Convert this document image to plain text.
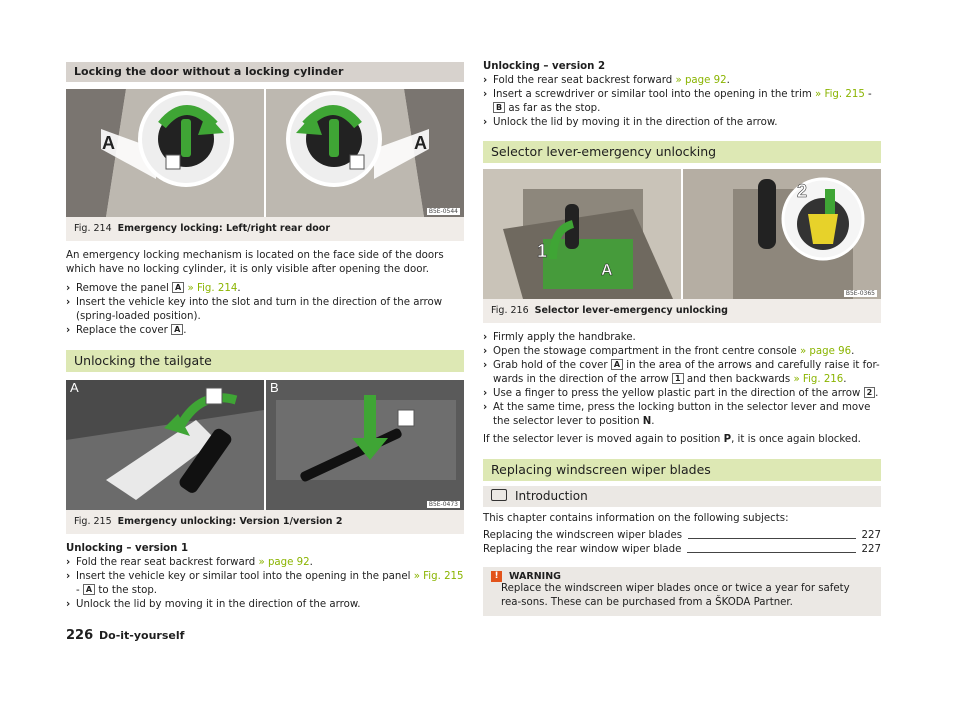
Locking the door without a locking cylinder
A	A
B5E-0544
Fig. 214 Emergency locking: Left/right rear door

An emergency locking mechanism is located on the face side of the doors which have no locking cylinder, it is only visible after opening the door.

› Remove the panel A » Fig. 214.
› Insert the vehicle key into the slot and turn in the direction of the arrow (spring-loaded position).
› Replace the cover A .
Unlocking the tailgate
A	B
B5E-0473
Fig. 215 Emergency unlocking: Version 1/version 2

Unlocking – version 1

› Fold the rear seat backrest forward » page 92.
› Insert the vehicle key or similar tool into the opening in the panel » Fig. 215 - A to the stop.
› Unlock the lid by moving it in the direction of the arrow.

Unlocking – version 2

› Fold the rear seat backrest forward » page 92.
› Insert a screwdriver or similar tool into the opening in the trim » Fig. 215 - B as far as the stop.
› Unlock the lid by moving it in the direction of the arrow.
Selector lever-emergency unlocking
1
2
A
B5E-0365
Fig. 216 Selector lever-emergency unlocking
› Firmly apply the handbrake.
› Open the stowage compartment in the front centre console » page 96.
› Grab hold of the cover A in the area of the arrows and carefully raise it for-wards in the direction of the arrow 1 and then backwards » Fig. 216.
› Use a finger to press the yellow plastic part in the direction of the arrow 2 .
› At the same time, press the locking button in the selector lever and move the selector lever to position N.

If the selector lever is moved again to position P, it is once again blocked.

Replacing windscreen wiper blades
Introduction

This chapter contains information on the following subjects:

Replacing the windscreen wiper blades	227
Replacing the rear window wiper blade	227
!	WARNING

Replace the windscreen wiper blades once or twice a year for safety rea-sons. These can be purchased from a ŠKODA Partner.

226 Do-it-yourself
